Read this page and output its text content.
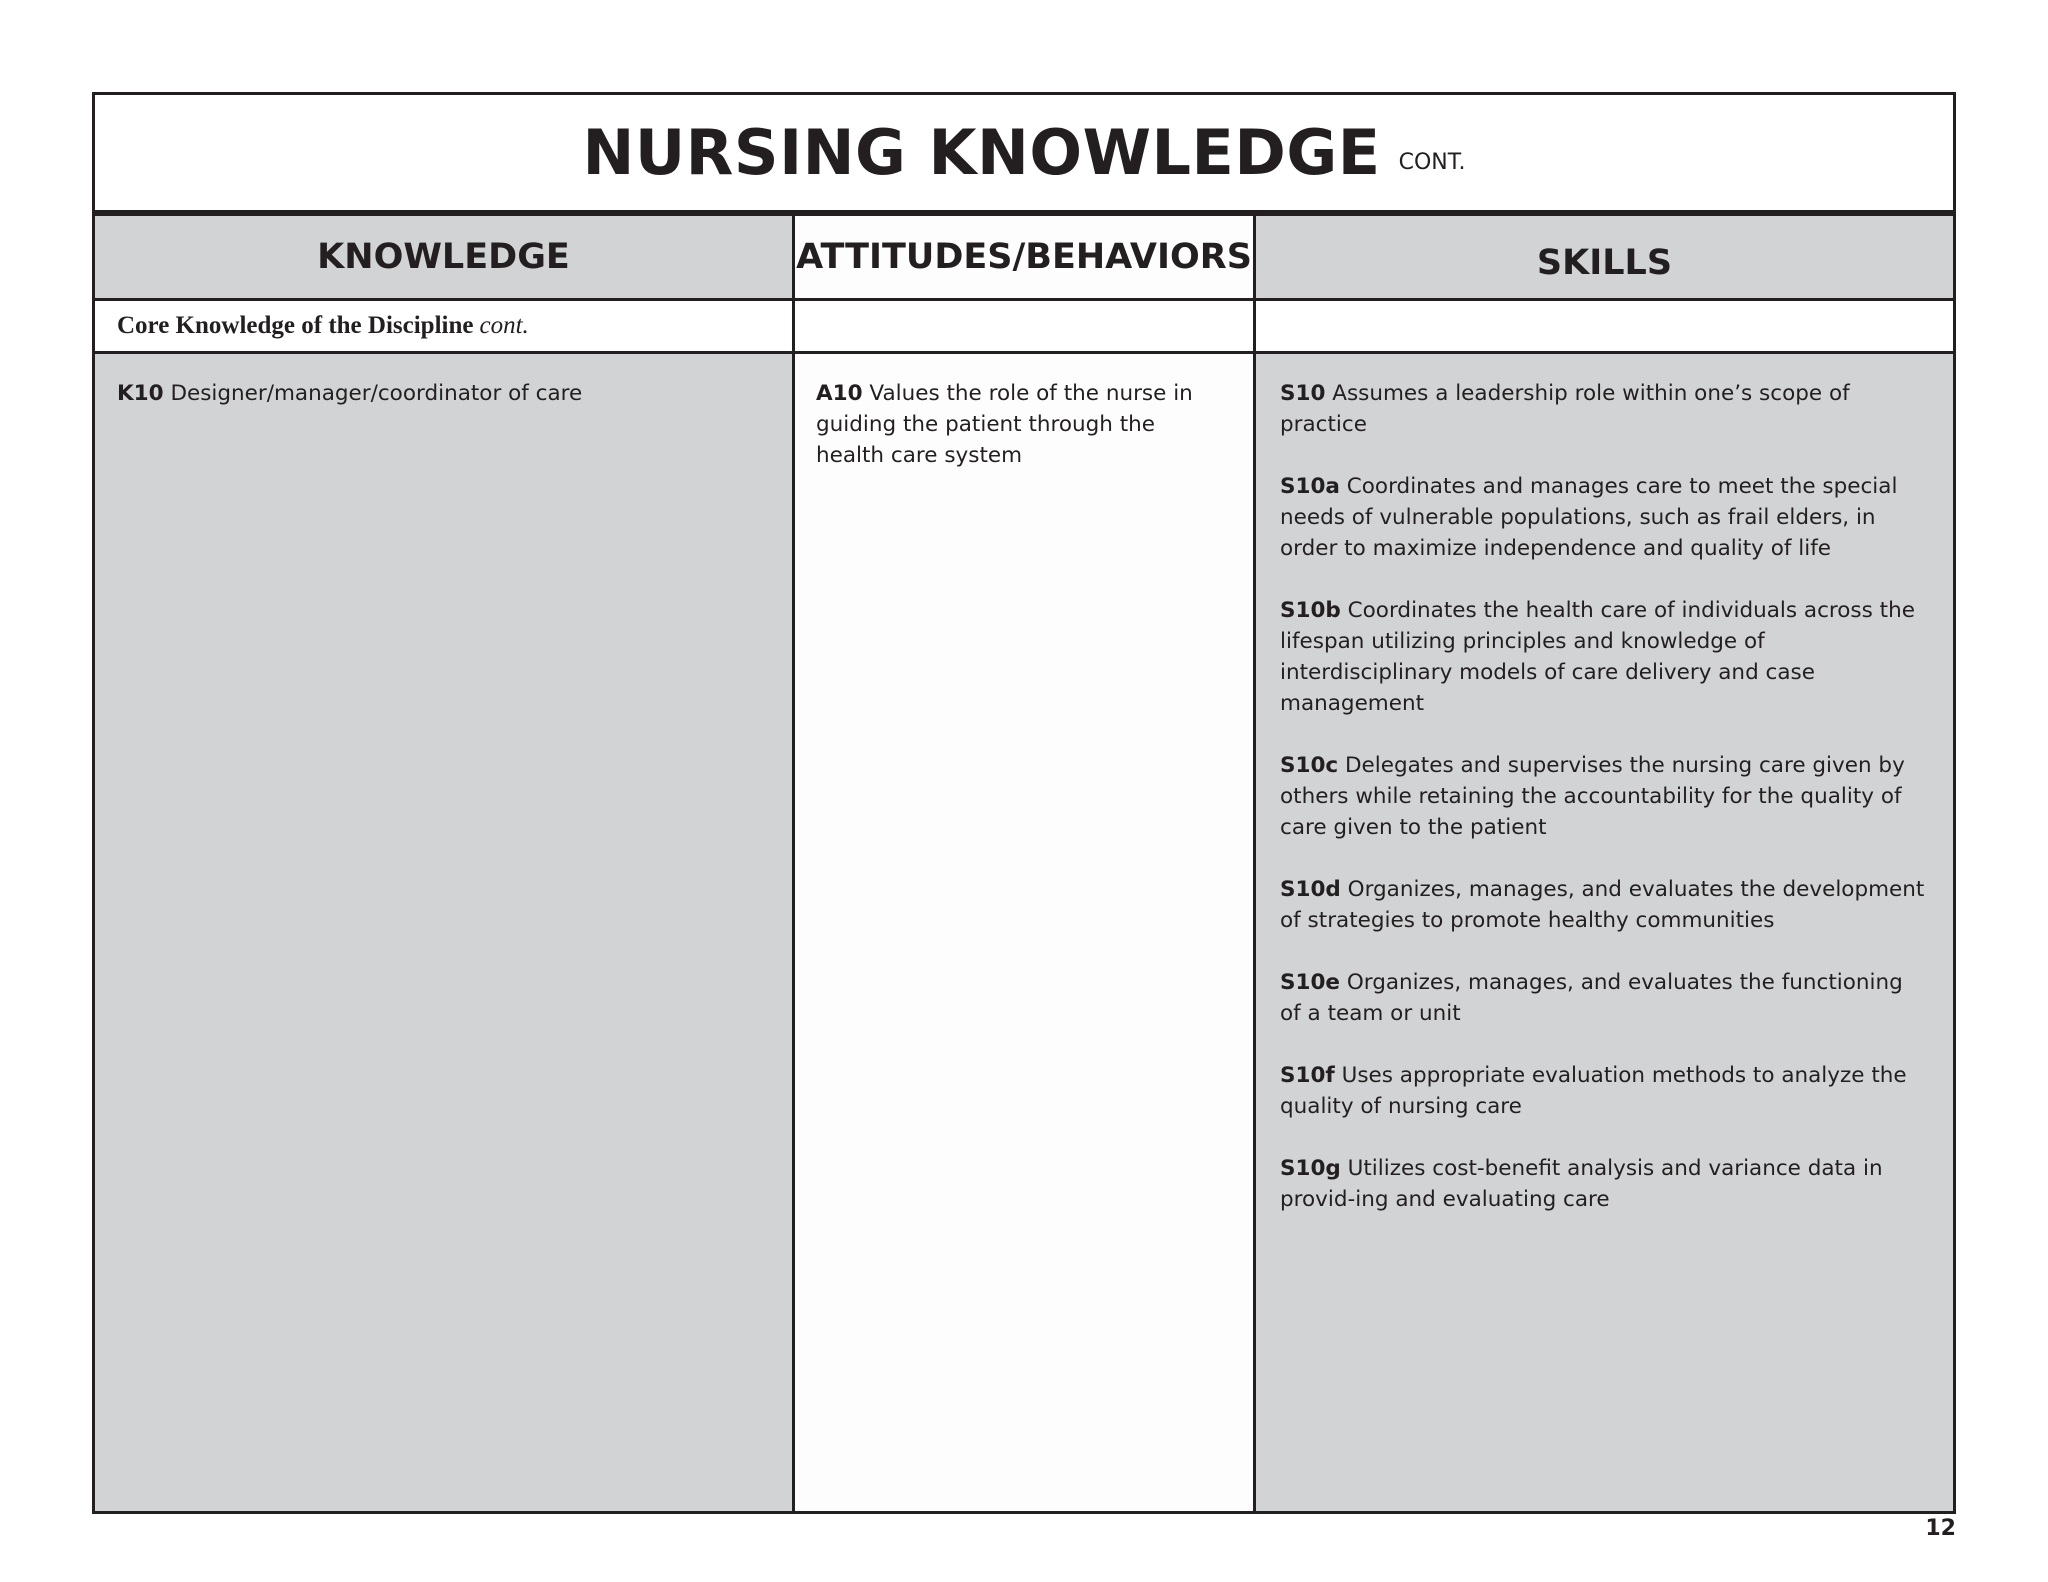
NURSING KNOWLEDGE CONT.
KNOWLEDGE
Core Knowledge of the Discipline cont.

K10 Designer/manager/coordinator of care

ATTITUDES/BEHAVIORS

A10 Values the role of the nurse in guiding the patient through the health care system

SKILLS

S10 Assumes a leadership role within one’s scope of practice

S10a Coordinates and manages care to meet the special needs of vulnerable populations, such as frail elders, in order to maximize independence and quality of life

S10b Coordinates the health care of individuals across the lifespan utilizing principles and knowledge of interdisciplinary models of care delivery and case management

S10c Delegates and supervises the nursing care given by others while retaining the accountability for the quality of care given to the patient

S10d Organizes, manages, and evaluates the development of strategies to promote healthy communities

S10e Organizes, manages, and evaluates the functioning of a team or unit

S10f Uses appropriate evaluation methods to analyze the quality of nursing care

S10g Utilizes cost-benefit analysis and variance data in provid-ing and evaluating care

12
